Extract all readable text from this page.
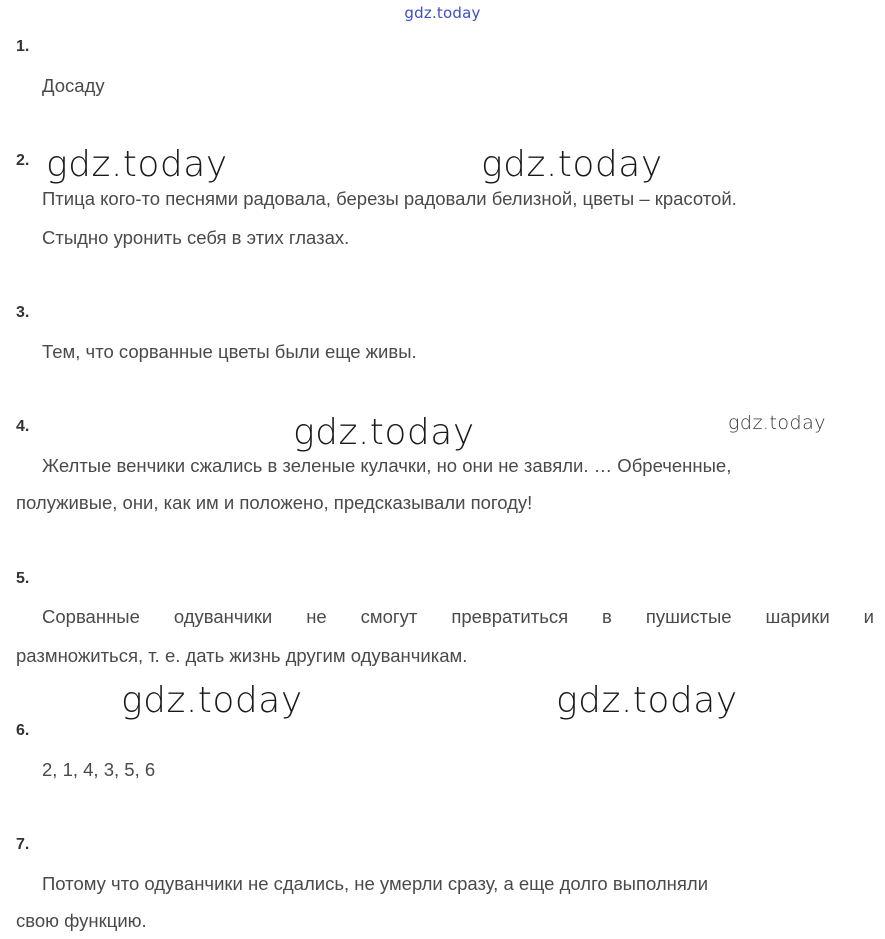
gdz.today
1.
Досаду
2.
Птица кого-то песнями радовала, березы радовали белизной, цветы – красотой.
Стыдно уронить себя в этих глазах.
3.
Тем, что сорванные цветы были еще живы.
4.
Желтые венчики сжались в зеленые кулачки, но они не завяли. … Обреченные,
полуживые, они, как им и положено, предсказывали погоду!
5.
Сорванные одуванчики не смогут превратиться в пушистые шарики и
размножиться, т. е. дать жизнь другим одуванчикам.
6.
2, 1, 4, 3, 5, 6
7.
Потому что одуванчики не сдались, не умерли сразу, а еще долго выполняли
свою функцию.
gdz.today	gdz.today
gdz.today	gdz.today
gdz.today	gdz.today
